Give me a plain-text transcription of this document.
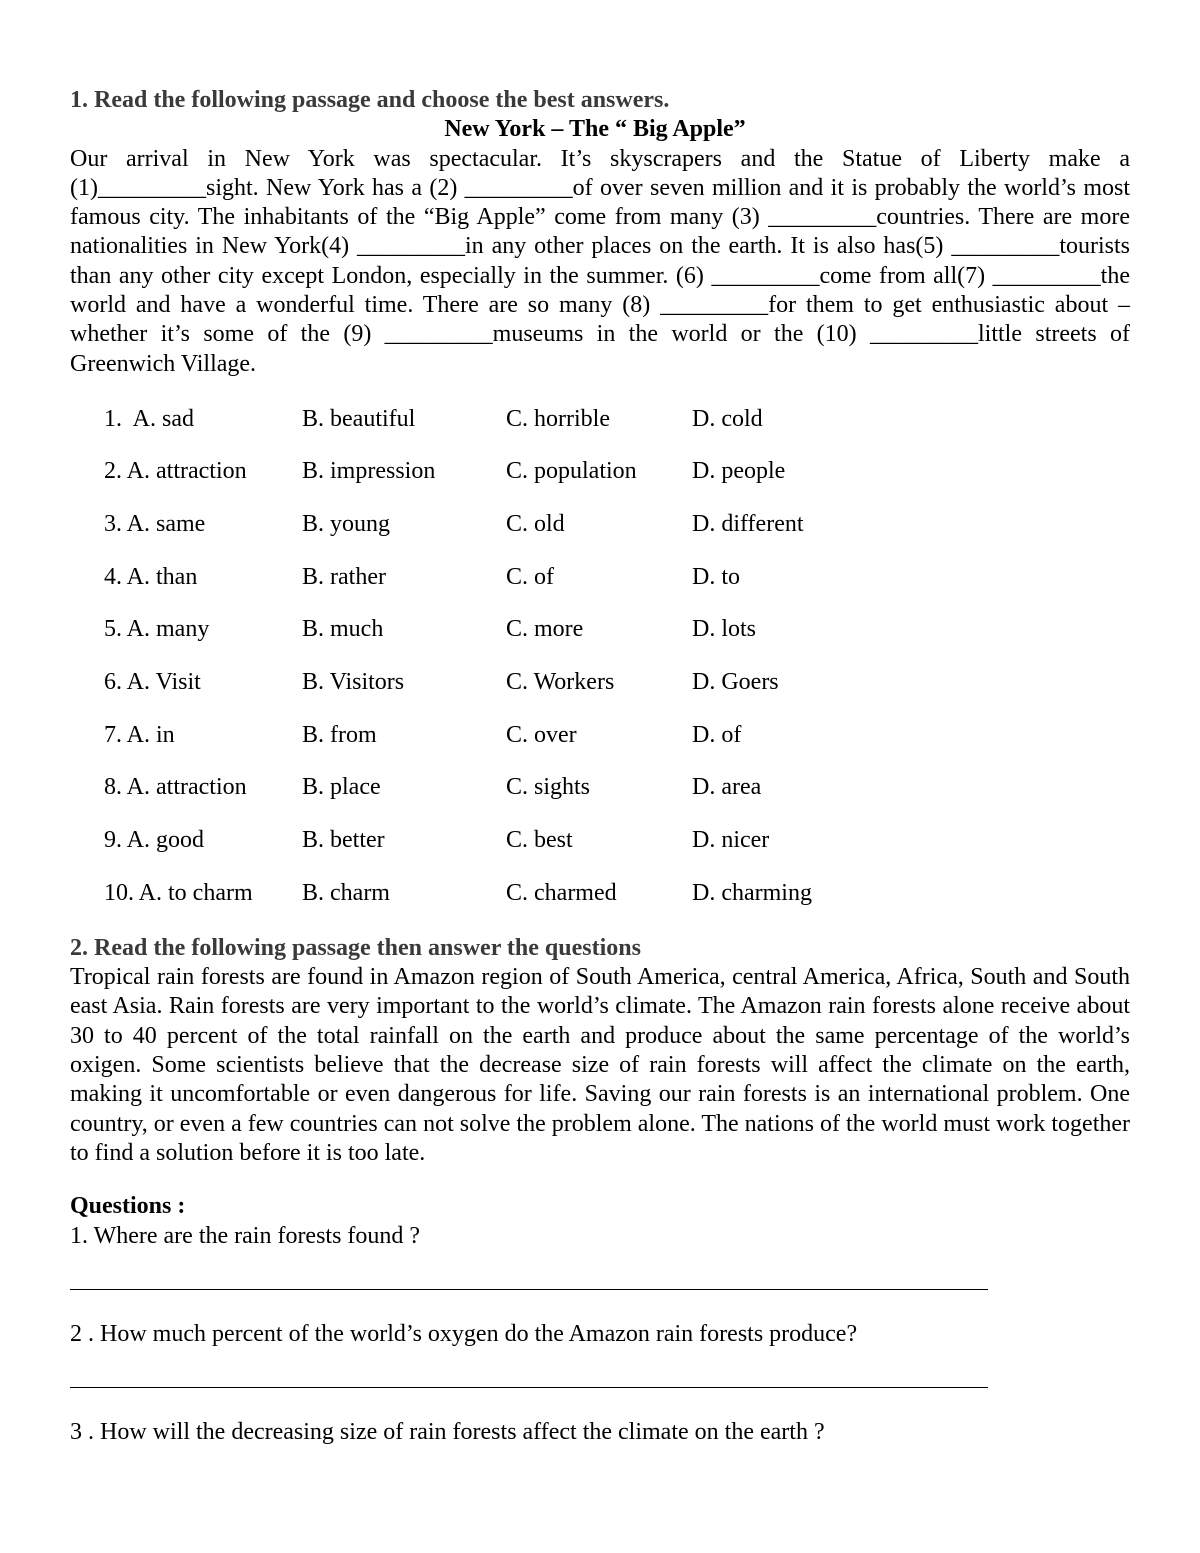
1. Read the following passage and choose the best answers.

New York – The “ Big Apple”

Our arrival in New York was spectacular. It’s skyscrapers and the Statue of Liberty make a (1)_________sight. New York has a (2) _________of over seven million and it is probably the world’s most famous city. The inhabitants of the “Big Apple” come from many (3) _________countries. There are more nationalities in New York(4) _________in any other places on the earth. It is also has(5) _________tourists than any other city except London, especially in the summer. (6) _________come from all(7) _________the world and have a wonderful time. There are so many (8) _________for them to get enthusiastic about – whether it’s some of the (9) _________museums in the world or the (10) _________little streets of Greenwich Village.

1.  A. sad	B. beautiful	C. horrible	D. cold
2. A. attraction	B. impression	C. population	D. people
3. A. same	B. young	C. old	D. different
4. A. than	B. rather	C. of	D. to
5. A. many	B. much	C. more	D. lots
6. A. Visit	B. Visitors	C. Workers	D. Goers
7. A. in	B. from	C. over	D. of
8. A. attraction	B. place	C. sights	D. area
9. A. good	B. better	C. best	D. nicer
10. A. to charm	B. charm	C. charmed	D. charming

2. Read the following passage then answer the questions

Tropical rain forests are found in Amazon region of South America, central America, Africa, South and South east Asia. Rain forests are very important to the world’s climate. The Amazon rain forests alone receive about 30 to 40 percent of the total rainfall on the earth and produce about the same percentage of the world’s oxigen. Some scientists believe that the decrease size of rain forests will affect the climate on the earth, making it uncomfortable or even dangerous for life. Saving our rain forests is an international problem. One country, or even a few countries can not solve the problem alone. The nations of the world must work together to find a solution before it is too late.

Questions :

1. Where are the rain forests found ?

2 . How much percent of the world’s oxygen do the Amazon rain forests produce?

3 . How will the decreasing size of rain forests affect the climate on the earth ?
